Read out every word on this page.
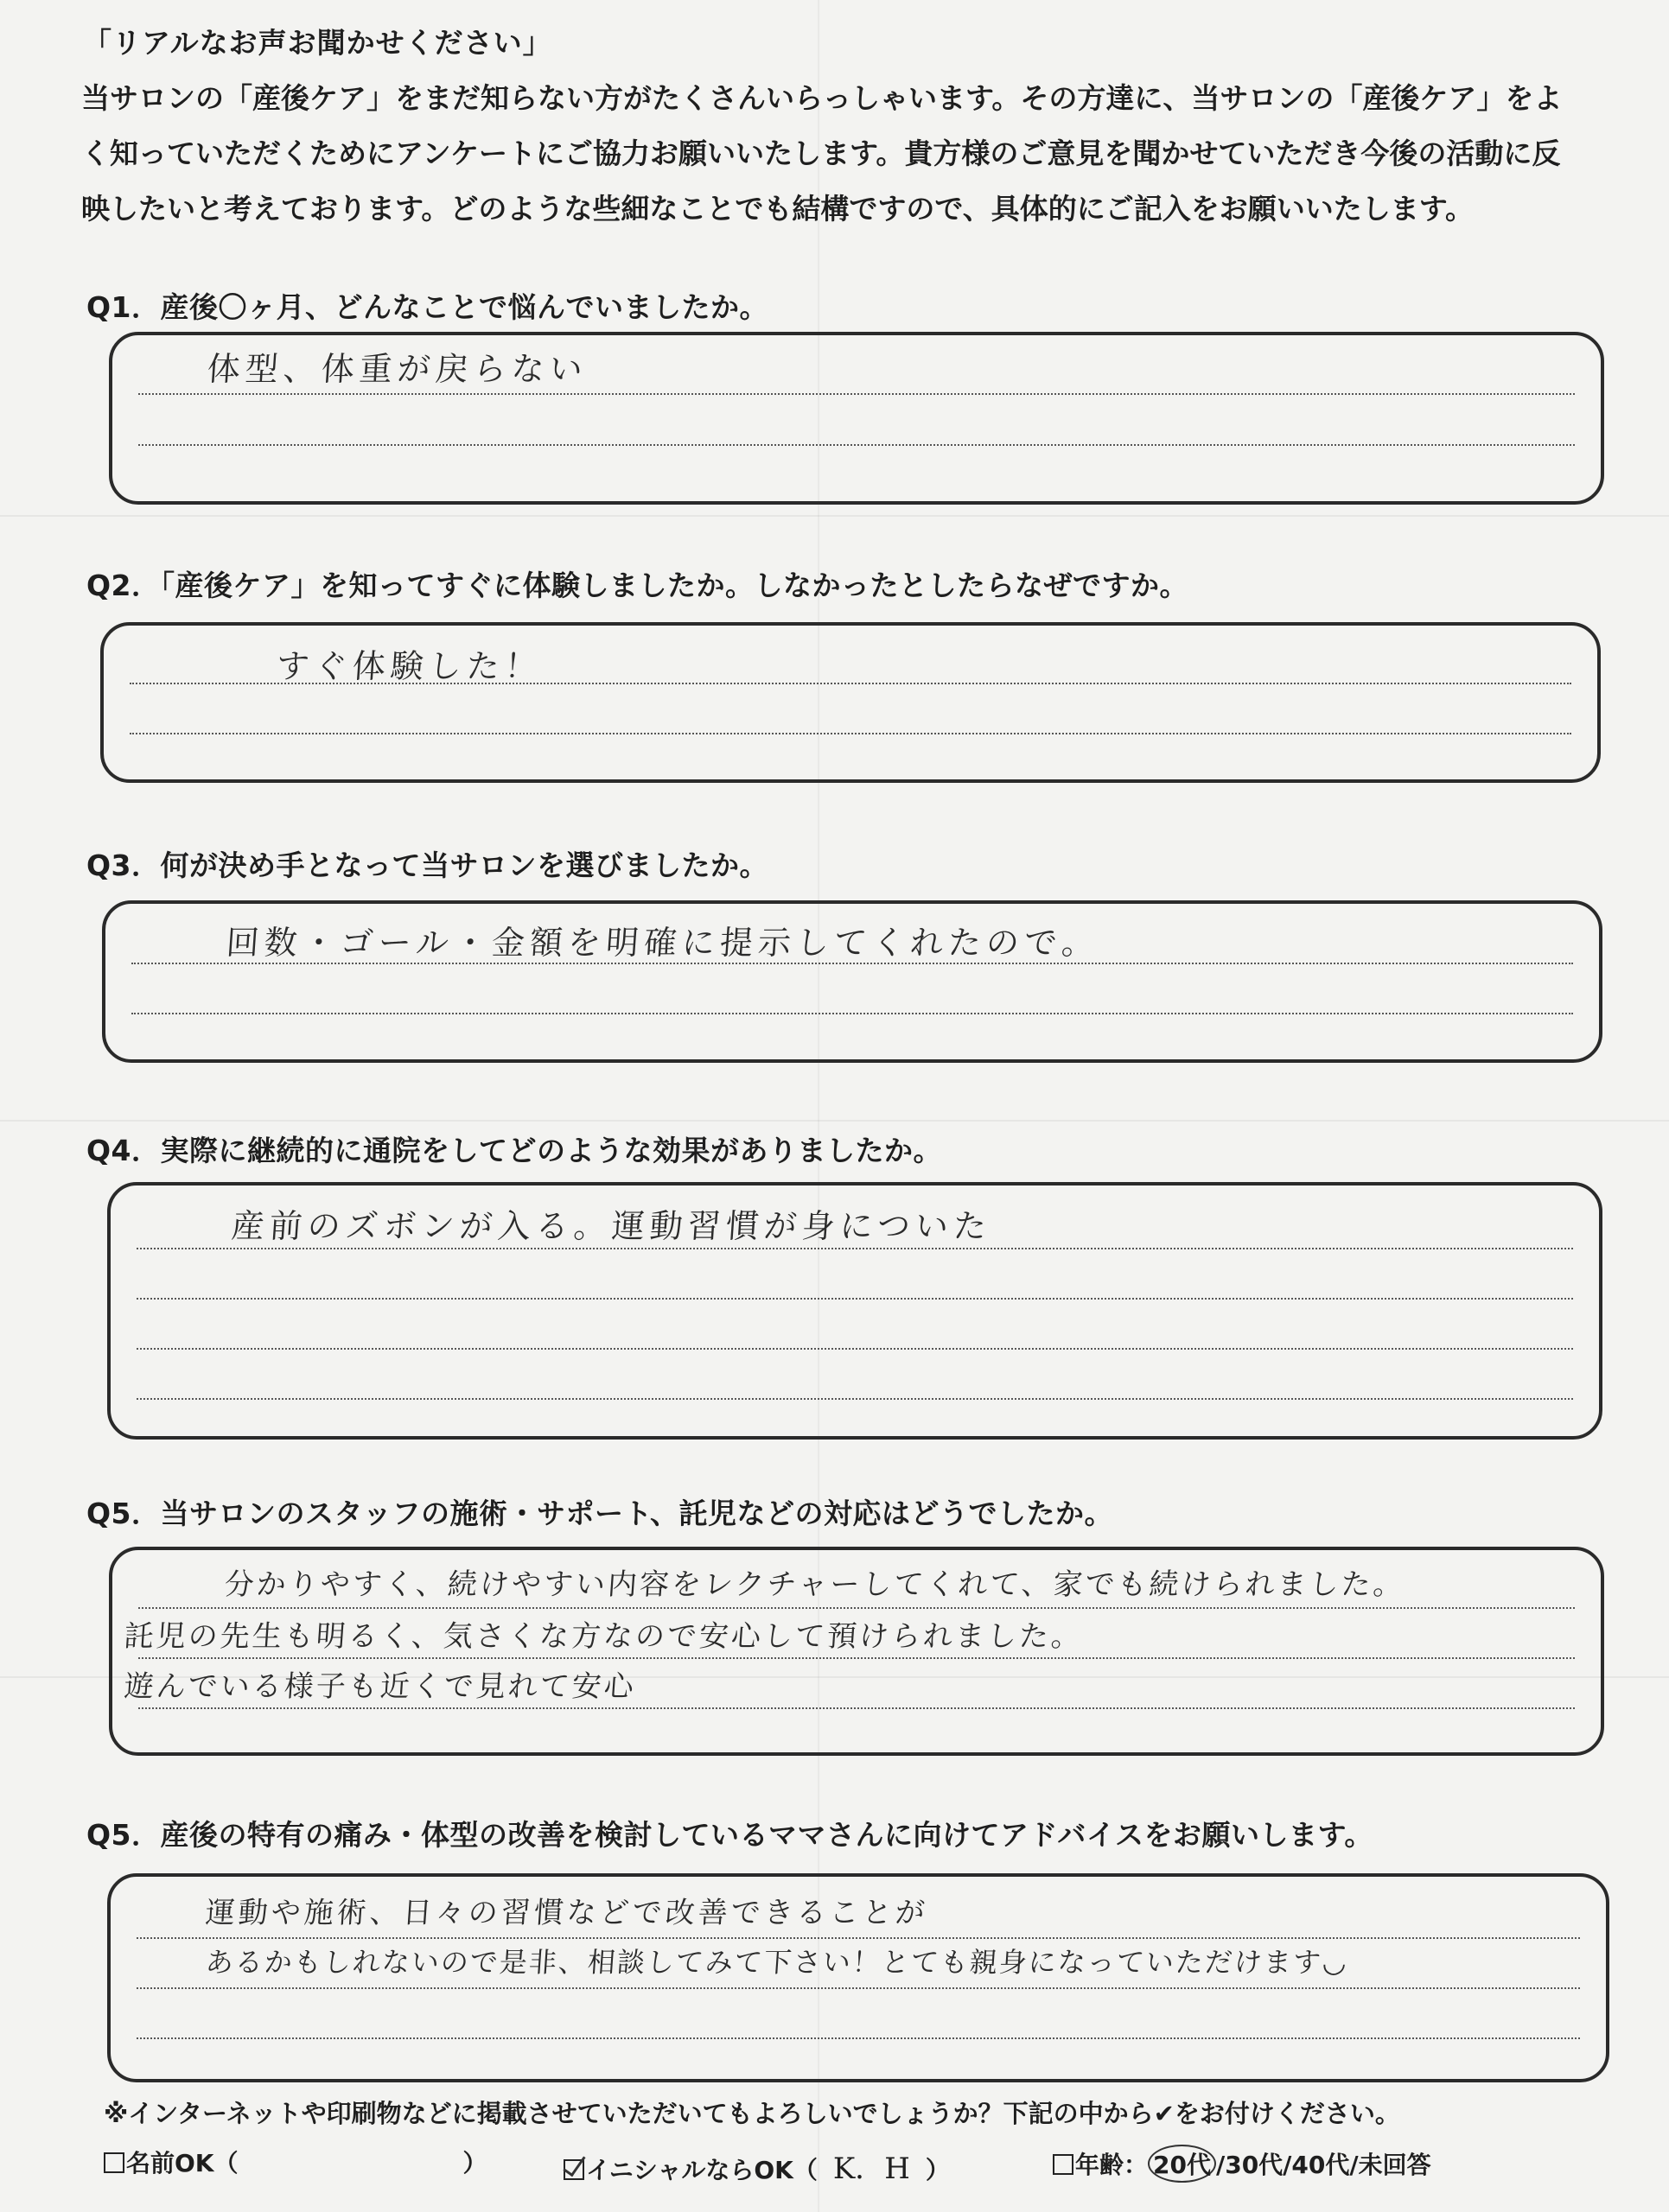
「リアルなお声お聞かせください」

当サロンの「産後ケア」をまだ知らない方がたくさんいらっしゃいます。その方達に、当サロンの「産後ケア」をよ

く知っていただくためにアンケートにご協力お願いいたします。貴方様のご意見を聞かせていただき今後の活動に反

映したいと考えております。どのような些細なことでも結構ですので、具体的にご記入をお願いいたします。

Q1．産後〇ヶ月、どんなことで悩んでいましたか。
体型、体重が戻らない
Q2．「産後ケア」を知ってすぐに体験しましたか。しなかったとしたらなぜですか。
すぐ体験した！
Q3．何が決め手となって当サロンを選びましたか。
回数・ゴール・金額を明確に提示してくれたので。
Q4．実際に継続的に通院をしてどのような効果がありましたか。
産前のズボンが入る。運動習慣が身についた
Q5．当サロンのスタッフの施術・サポート、託児などの対応はどうでしたか。
分かりやすく、続けやすい内容をレクチャーしてくれて、家でも続けられました。
託児の先生も明るく、気さくな方なので安心して預けられました。
遊んでいる様子も近くで見れて安心
Q5．産後の特有の痛み・体型の改善を検討しているママさんに向けてアドバイスをお願いします。
運動や施術、日々の習慣などで改善できることが
あるかもしれないので是非、相談してみて下さい！とても親身になっていただけます◡
※インターネットや印刷物などに掲載させていただいてもよろしいでしょうか？下記の中から✔をお付けください。
名前OK（	）	イニシャルならOK（ K．H ）	年齢： 20代 /30代/40代/未回答
